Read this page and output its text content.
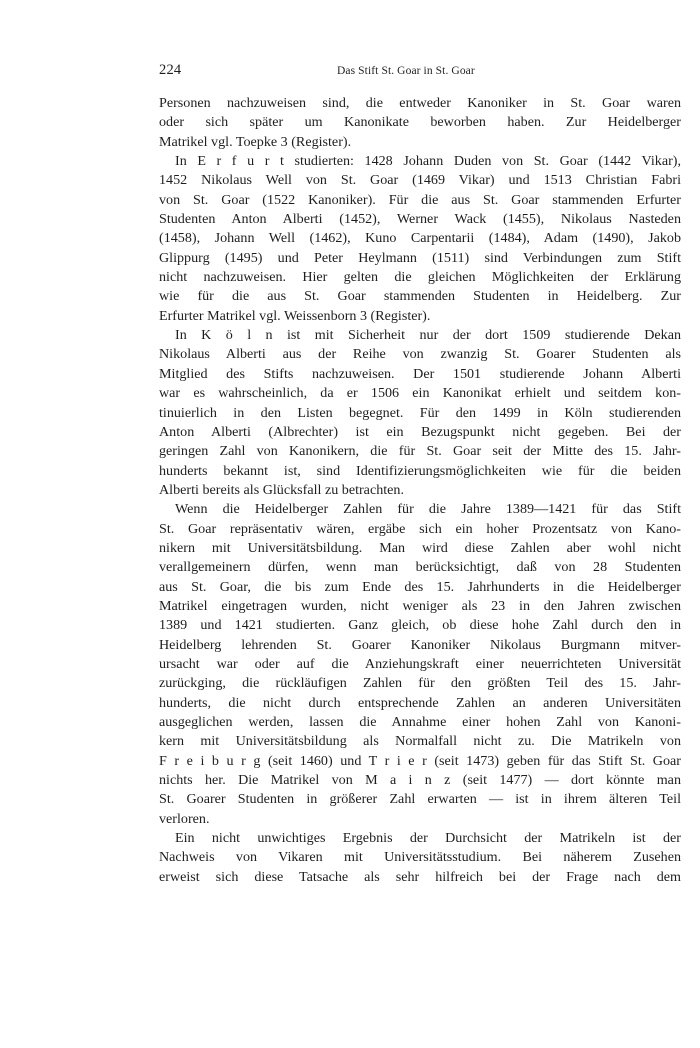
224	Das Stift St. Goar in St. Goar
Personen nachzuweisen sind, die entweder Kanoniker in St. Goar waren
oder sich später um Kanonikate beworben haben. Zur Heidelberger
Matrikel vgl. Toepke 3 (Register).
In E r f u r t studierten: 1428 Johann Duden von St. Goar (1442 Vikar),
1452 Nikolaus Well von St. Goar (1469 Vikar) und 1513 Christian Fabri
von St. Goar (1522 Kanoniker). Für die aus St. Goar stammenden Erfurter
Studenten Anton Alberti (1452), Werner Wack (1455), Nikolaus Nasteden
(1458), Johann Well (1462), Kuno Carpentarii (1484), Adam (1490), Jakob
Glippurg (1495) und Peter Heylmann (1511) sind Verbindungen zum Stift
nicht nachzuweisen. Hier gelten die gleichen Möglichkeiten der Erklärung
wie für die aus St. Goar stammenden Studenten in Heidelberg. Zur
Erfurter Matrikel vgl. Weissenborn 3 (Register).
In K ö l n ist mit Sicherheit nur der dort 1509 studierende Dekan
Nikolaus Alberti aus der Reihe von zwanzig St. Goarer Studenten als
Mitglied des Stifts nachzuweisen. Der 1501 studierende Johann Alberti
war es wahrscheinlich, da er 1506 ein Kanonikat erhielt und seitdem kon-
tinuierlich in den Listen begegnet. Für den 1499 in Köln studierenden
Anton Alberti (Albrechter) ist ein Bezugspunkt nicht gegeben. Bei der
geringen Zahl von Kanonikern, die für St. Goar seit der Mitte des 15. Jahr-
hunderts bekannt ist, sind Identifizierungsmöglichkeiten wie für die beiden
Alberti bereits als Glücksfall zu betrachten.
Wenn die Heidelberger Zahlen für die Jahre 1389—1421 für das Stift
St. Goar repräsentativ wären, ergäbe sich ein hoher Prozentsatz von Kano-
nikern mit Universitätsbildung. Man wird diese Zahlen aber wohl nicht
verallgemeinern dürfen, wenn man berücksichtigt, daß von 28 Studenten
aus St. Goar, die bis zum Ende des 15. Jahrhunderts in die Heidelberger
Matrikel eingetragen wurden, nicht weniger als 23 in den Jahren zwischen
1389 und 1421 studierten. Ganz gleich, ob diese hohe Zahl durch den in
Heidelberg lehrenden St. Goarer Kanoniker Nikolaus Burgmann mitver-
ursacht war oder auf die Anziehungskraft einer neuerrichteten Universität
zurückging, die rückläufigen Zahlen für den größten Teil des 15. Jahr-
hunderts, die nicht durch entsprechende Zahlen an anderen Universitäten
ausgeglichen werden, lassen die Annahme einer hohen Zahl von Kanoni-
kern mit Universitätsbildung als Normalfall nicht zu. Die Matrikeln von
F r e i b u r g (seit 1460) und T r i e r (seit 1473) geben für das Stift St. Goar
nichts her. Die Matrikel von M a i n z (seit 1477) — dort könnte man
St. Goarer Studenten in größerer Zahl erwarten — ist in ihrem älteren Teil
verloren.
Ein nicht unwichtiges Ergebnis der Durchsicht der Matrikeln ist der
Nachweis von Vikaren mit Universitätsstudium. Bei näherem Zusehen
erweist sich diese Tatsache als sehr hilfreich bei der Frage nach dem
